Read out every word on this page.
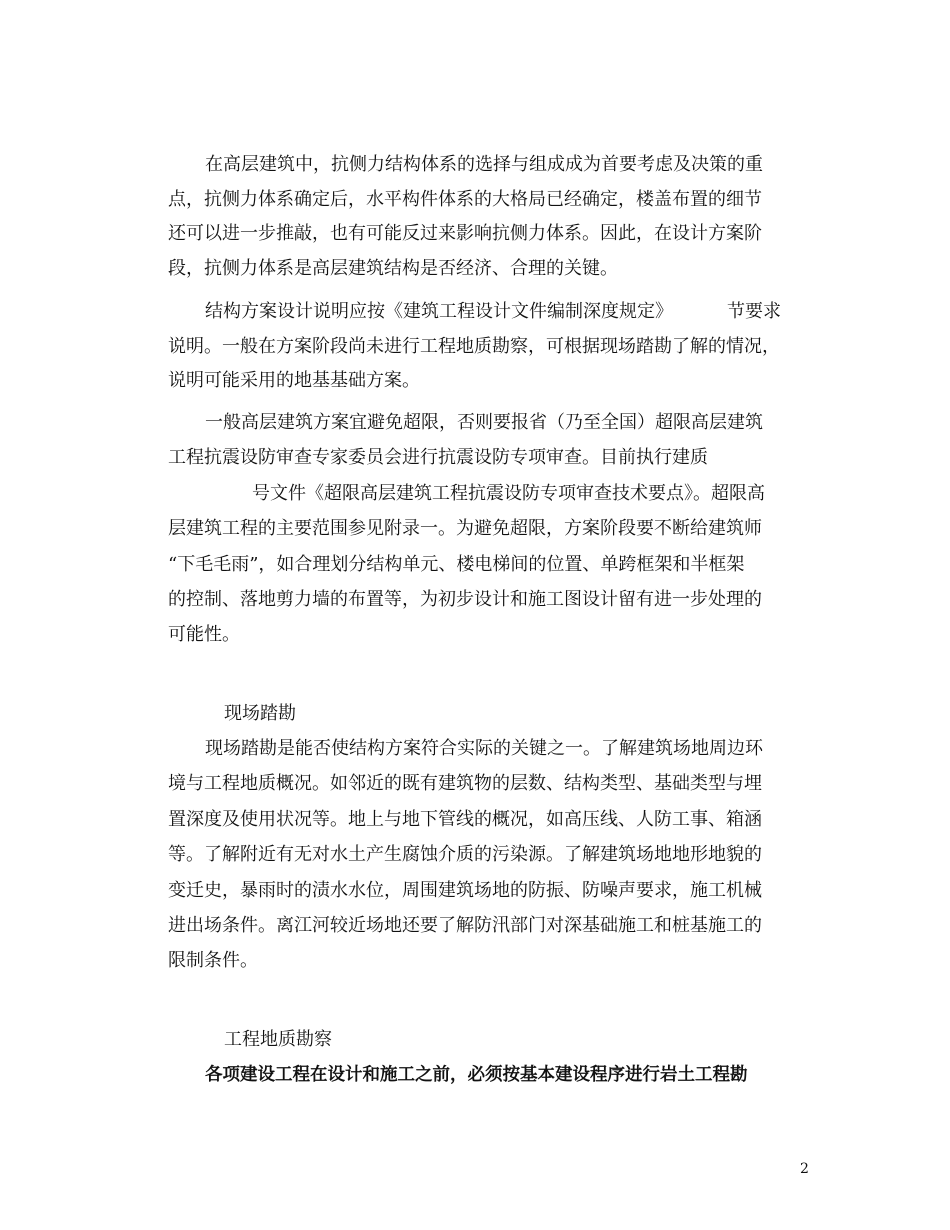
在高层建筑中，抗侧力结构体系的选择与组成成为首要考虑及决策的重
点，抗侧力体系确定后，水平构件体系的大格局已经确定，楼盖布置的细节
还可以进一步推敲，也有可能反过来影响抗侧力体系。因此，在设计方案阶
段，抗侧力体系是高层建筑结构是否经济、合理的关键。
结构方案设计说明应按《建筑工程设计文件编制深度规定》	节要求
说明。一般在方案阶段尚未进行工程地质勘察，可根据现场踏勘了解的情况，
说明可能采用的地基基础方案。
一般高层建筑方案宜避免超限，否则要报省（乃至全国）超限高层建筑
工程抗震设防审查专家委员会进行抗震设防专项审查。目前执行建质
号文件《超限高层建筑工程抗震设防专项审查技术要点》。超限高
层建筑工程的主要范围参见附录一。为避免超限，方案阶段要不断给建筑师
“下毛毛雨”，如合理划分结构单元、楼电梯间的位置、单跨框架和半框架
的控制、落地剪力墙的布置等，为初步设计和施工图设计留有进一步处理的
可能性。
现场踏勘
现场踏勘是能否使结构方案符合实际的关键之一。了解建筑场地周边环
境与工程地质概况。如邻近的既有建筑物的层数、结构类型、基础类型与埋
置深度及使用状况等。地上与地下管线的概况，如高压线、人防工事、箱涵
等。了解附近有无对水土产生腐蚀介质的污染源。了解建筑场地地形地貌的
变迁史，暴雨时的渍水水位，周围建筑场地的防振、防噪声要求，施工机械
进出场条件。离江河较近场地还要了解防汛部门对深基础施工和桩基施工的
限制条件。
工程地质勘察
各项建设工程在设计和施工之前，必须按基本建设程序进行岩土工程勘
2
